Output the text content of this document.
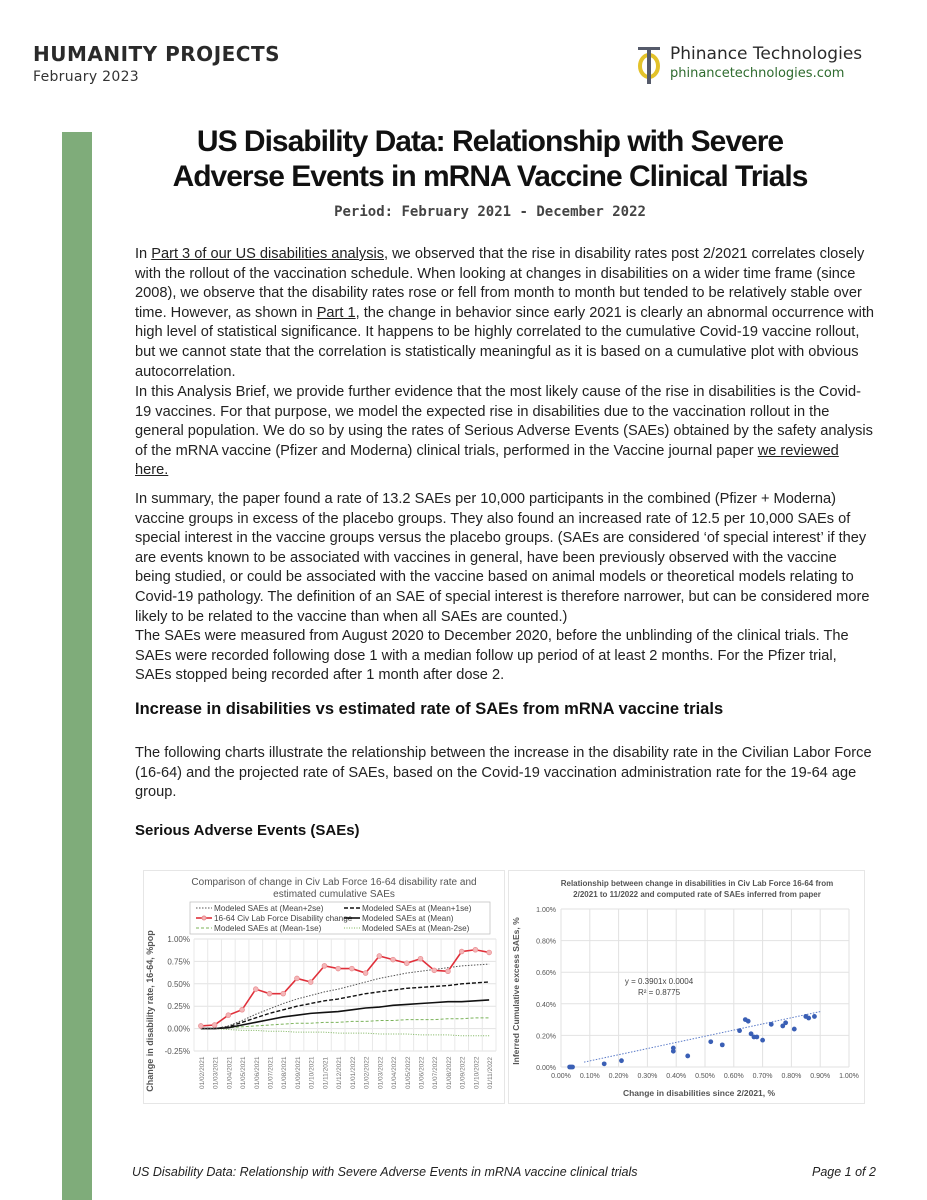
HUMANITY PROJECTS
February 2023
Phinance Technologies
phinancetechnologies.com
US Disability Data: Relationship with Severe
Adverse Events in mRNA Vaccine Clinical Trials
Period: February 2021 - December 2022
In Part 3 of our US disabilities analysis, we observed that the rise in disability rates post 2/2021 correlates closely with the rollout of the vaccination schedule. When looking at changes in disabilities on a wider time frame (since 2008), we observe that the disability rates rose or fell from month to month but tended to be relatively stable over time. However, as shown in Part 1, the change in behavior since early 2021 is clearly an abnormal occurrence with high level of statistical significance. It happens to be highly correlated to the cumulative Covid-19 vaccine rollout, but we cannot state that the correlation is statistically meaningful as it is based on a cumulative plot with obvious autocorrelation.
In this Analysis Brief, we provide further evidence that the most likely cause of the rise in disabilities is the Covid-19 vaccines. For that purpose, we model the expected rise in disabilities due to the vaccination rollout in the general population. We do so by using the rates of Serious Adverse Events (SAEs) obtained by the safety analysis of the mRNA vaccine (Pfizer and Moderna) clinical trials, performed in the Vaccine journal paper we reviewed here.
In summary, the paper found a rate of 13.2 SAEs per 10,000 participants in the combined (Pfizer + Moderna) vaccine groups in excess of the placebo groups. They also found an increased rate of 12.5 per 10,000 SAEs of special interest in the vaccine groups versus the placebo groups. (SAEs are considered ‘of special interest’ if they are events known to be associated with vaccines in general, have been previously observed with the vaccine being studied, or could be associated with the vaccine based on animal models or theoretical models relating to Covid-19 pathology. The definition of an SAE of special interest is therefore narrower, but can be considered more likely to be related to the vaccine than when all SAEs are counted.)
The SAEs were measured from August 2020 to December 2020, before the unblinding of the clinical trials. The SAEs were recorded following dose 1 with a median follow up period of at least 2 months. For the Pfizer trial, SAEs stopped being recorded after 1 month after dose 2.
Increase in disabilities vs estimated rate of SAEs from mRNA vaccine trials
The following charts illustrate the relationship between the increase in the disability rate in the Civilian Labor Force (16-64) and the projected rate of SAEs, based on the Covid-19 vaccination administration rate for the 19-64 age group.
Serious Adverse Events (SAEs)
Comparison of change in Civ Lab Force 16-64 disability rate and
estimated cumulative SAEs
Modeled SAEs at (Mean+2se)	Modeled SAEs at (Mean+1se)
16-64 Civ Lab Force Disability change Modeled SAEs at (Mean)
Modeled SAEs at (Mean-1se)	Modeled SAEs at (Mean-2se)
-0.25%
0.00%
0.25%
0.50%
0.75%
1.00%
01/02/2021 01/03/2021 01/04/2021 01/05/2021 01/06/2021 01/07/2021 01/08/2021 01/09/2021 01/10/2021 01/11/2021 01/12/2021 01/01/2022 01/02/2022 01/03/2022 01/04/2022 01/05/2022 01/06/2022 01/07/2022 01/08/2022 01/09/2022 01/10/2022 01/11/2022
Change in disability rate, 16-64, %pop
Relationship between change in disabilities in Civ Lab Force 16-64 from
2/2021 to 11/2022 and computed rate of SAEs inferred from paper
0.00% 0.10% 0.20% 0.30% 0.40% 0.50% 0.60% 0.70% 0.80% 0.90% 1.00%
0.00%
0.20%
0.40%
0.60%
0.80%
1.00%
y = 0.3901x 0.0004
R² = 0.8775
Change in disabilities since 2/2021, %
Inferred Cumulative excess SAEs, %
US Disability Data: Relationship with Severe Adverse Events in mRNA vaccine clinical trials	Page 1 of 2
